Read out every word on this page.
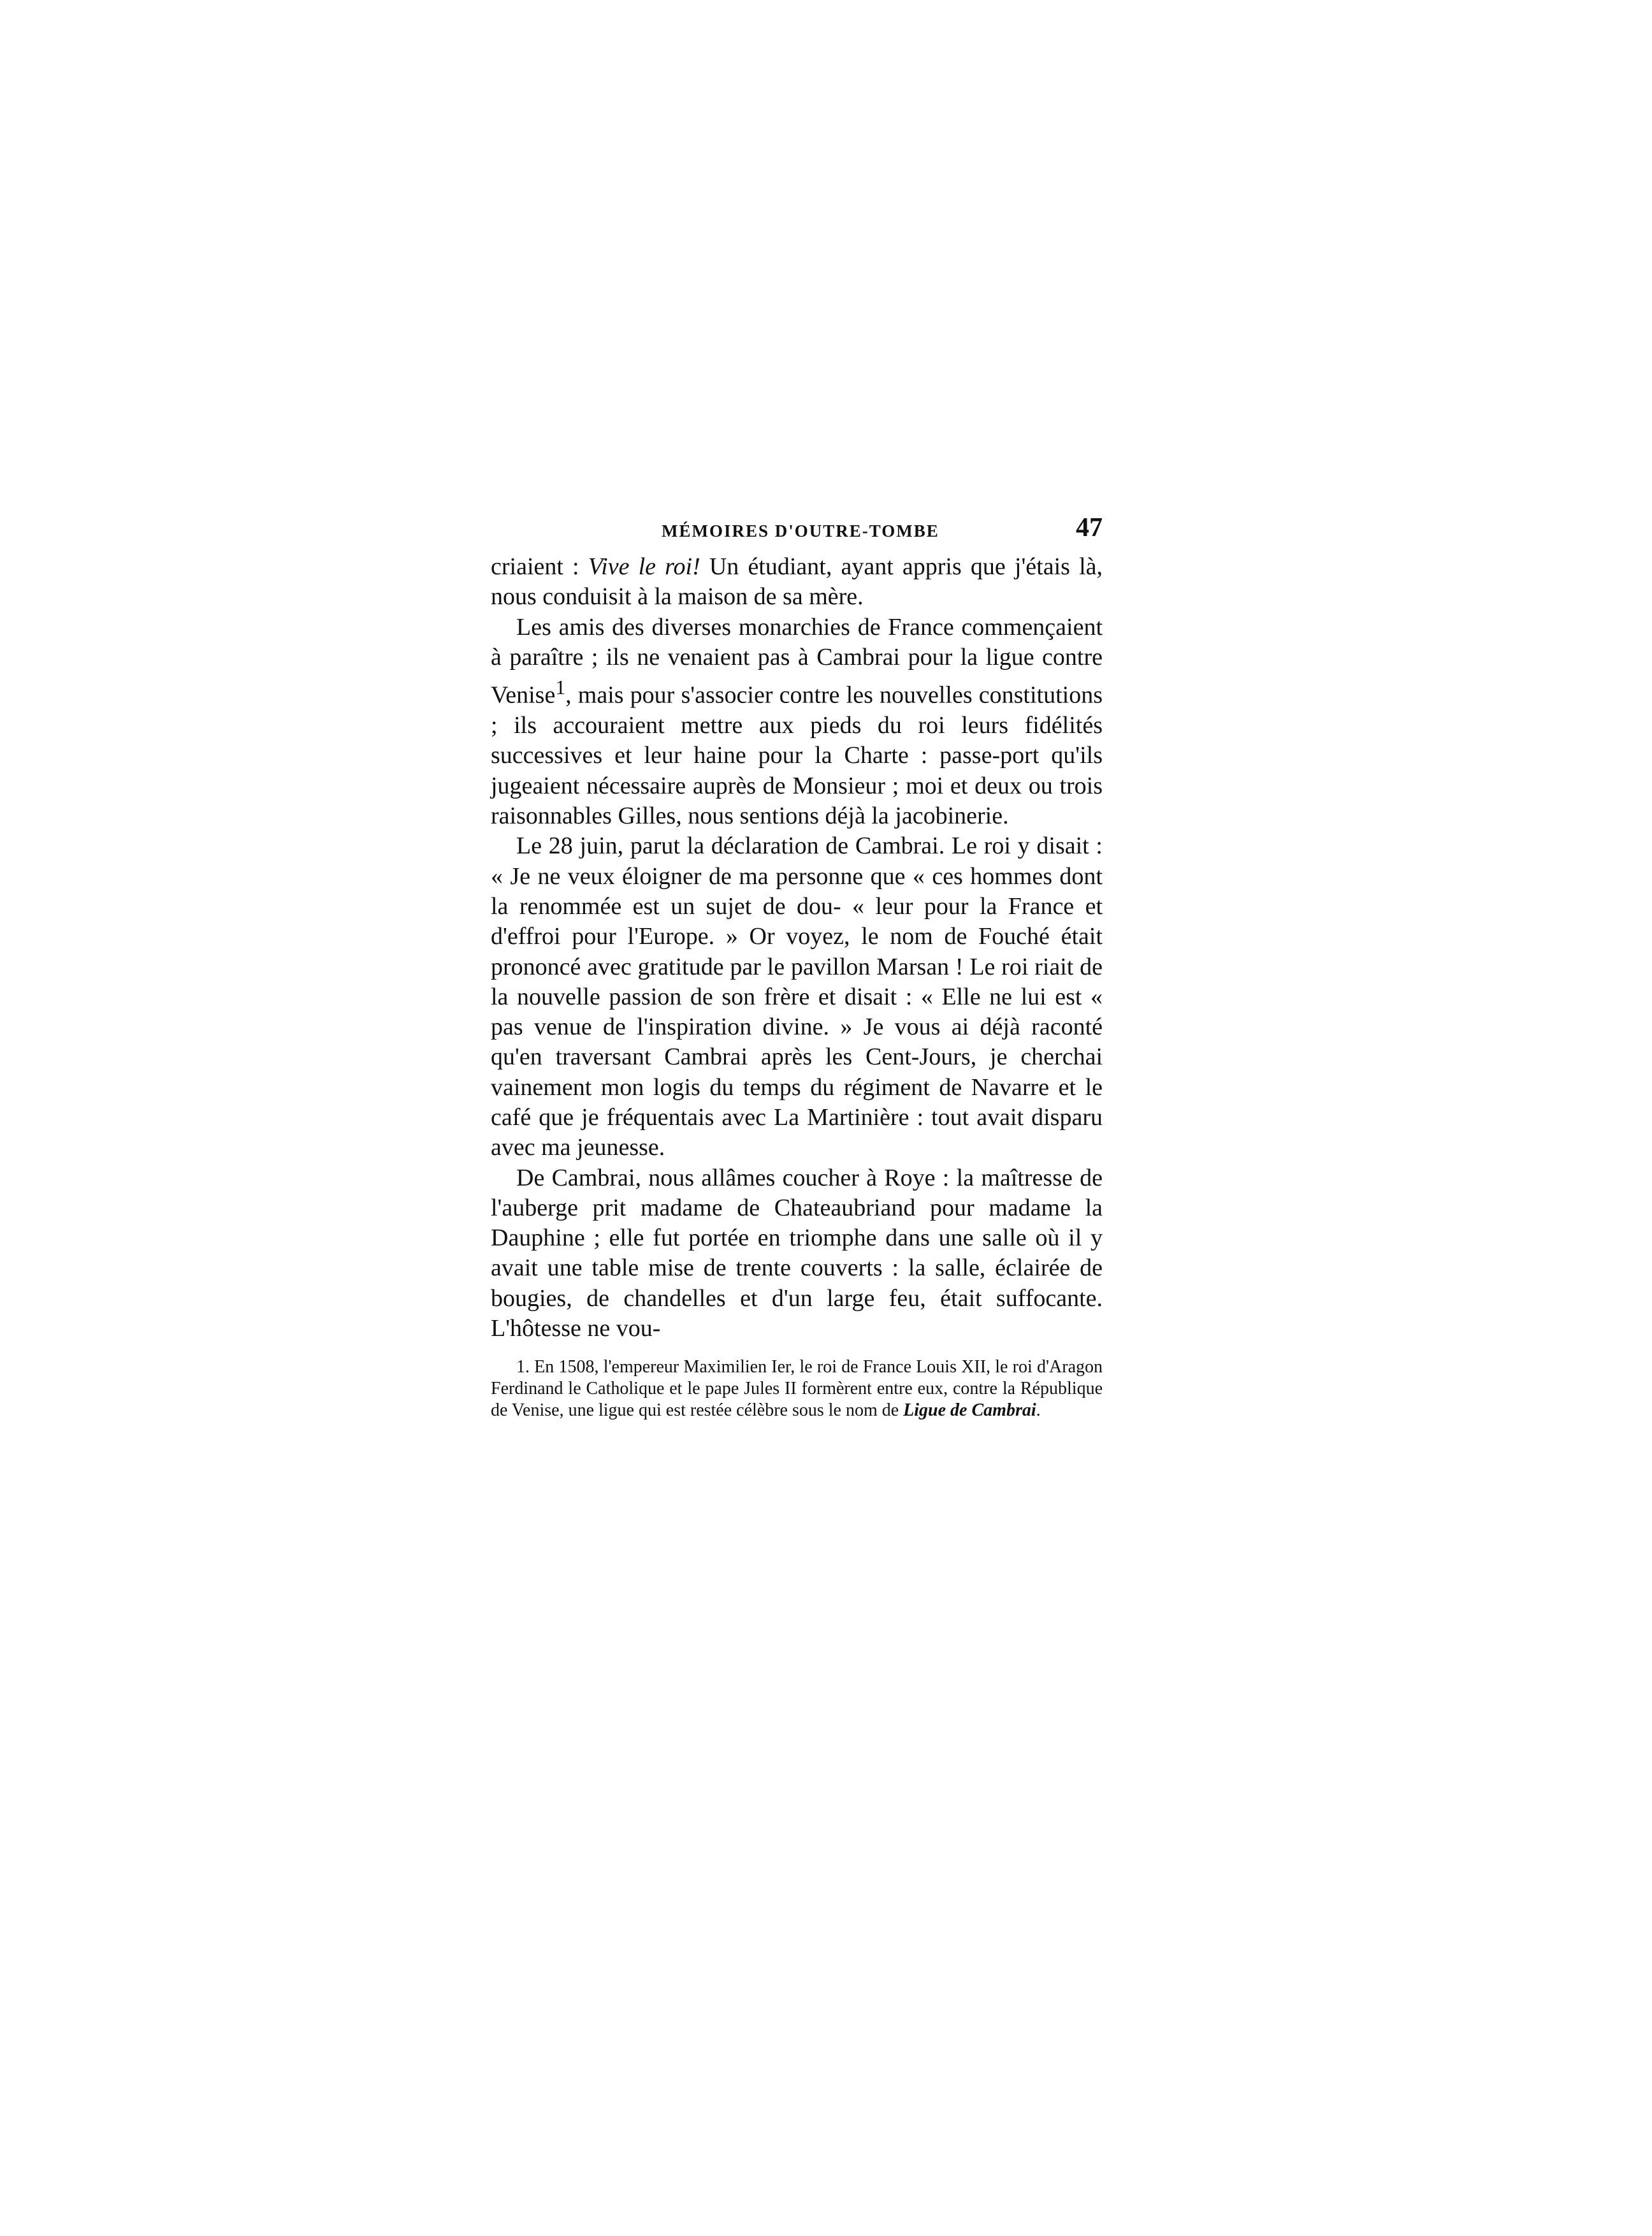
MÉMOIRES D'OUTRE-TOMBE	47

criaient : Vive le roi! Un étudiant, ayant appris que j'étais là, nous conduisit à la maison de sa mère.

Les amis des diverses monarchies de France commençaient à paraître ; ils ne venaient pas à Cambrai pour la ligue contre Venise$^1$, mais pour s'associer contre les nouvelles constitutions ; ils accouraient mettre aux pieds du roi leurs fidélités successives et leur haine pour la Charte : passe-port qu'ils jugeaient nécessaire auprès de Monsieur ; moi et deux ou trois raisonnables Gilles, nous sentions déjà la jacobinerie.

Le 28 juin, parut la déclaration de Cambrai. Le roi y disait : « Je ne veux éloigner de ma personne que « ces hommes dont la renommée est un sujet de dou- « leur pour la France et d'effroi pour l'Europe. » Or voyez, le nom de Fouché était prononcé avec gratitude par le pavillon Marsan ! Le roi riait de la nouvelle passion de son frère et disait : « Elle ne lui est « pas venue de l'inspiration divine. » Je vous ai déjà raconté qu'en traversant Cambrai après les Cent-Jours, je cherchai vainement mon logis du temps du régiment de Navarre et le café que je fréquentais avec La Martinière : tout avait disparu avec ma jeunesse.

De Cambrai, nous allâmes coucher à Roye : la maîtresse de l'auberge prit madame de Chateaubriand pour madame la Dauphine ; elle fut portée en triomphe dans une salle où il y avait une table mise de trente couverts : la salle, éclairée de bougies, de chandelles et d'un large feu, était suffocante. L'hôtesse ne vou-

1. En 1508, l'empereur Maximilien Ier, le roi de France Louis XII, le roi d'Aragon Ferdinand le Catholique et le pape Jules II formèrent entre eux, contre la République de Venise, une ligue qui est restée célèbre sous le nom de Ligue de Cambrai.
